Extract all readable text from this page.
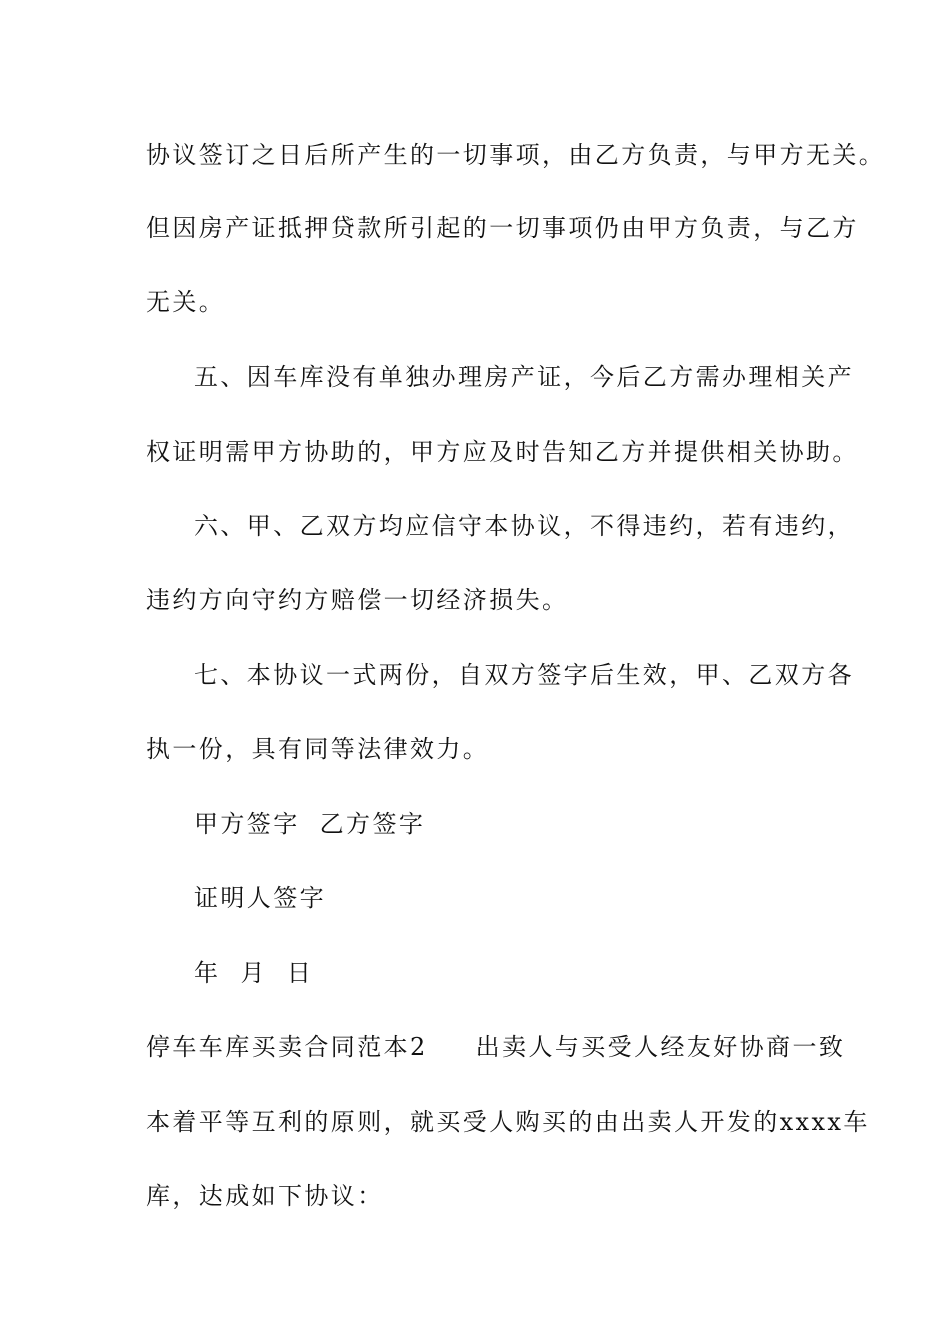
协议签订之日后所产生的一切事项，由乙方负责，与甲方无关。
但因房产证抵押贷款所引起的一切事项仍由甲方负责，与乙方
无关。
五、因车库没有单独办理房产证，今后乙方需办理相关产
权证明需甲方协助的，甲方应及时告知乙方并提供相关协助。
六、甲、乙双方均应信守本协议，不得违约，若有违约，
违约方向守约方赔偿一切经济损失。
七、本协议一式两份，自双方签字后生效，甲、乙双方各
执一份，具有同等法律效力。
甲方签字  乙方签字
证明人签字
年  月  日
停车车库买卖合同范本2 出卖人与买受人经友好协商一致
本着平等互利的原则，就买受人购买的由出卖人开发的xxxx车
库，达成如下协议：
